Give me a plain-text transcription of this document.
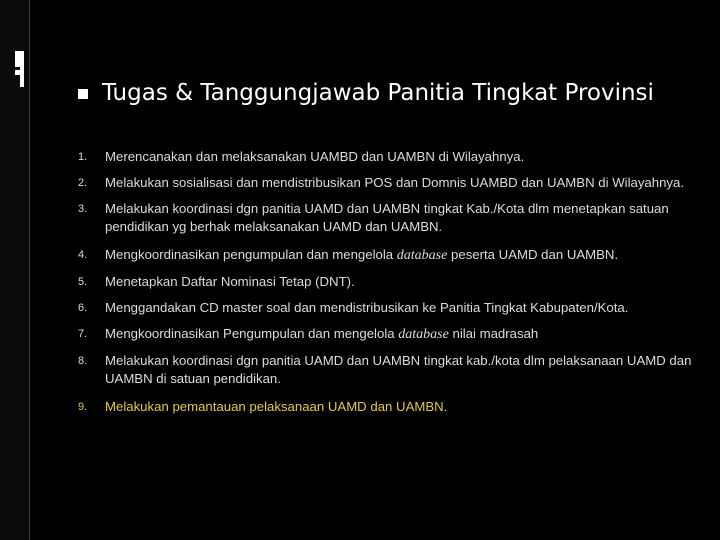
Tugas & Tanggungjawab Panitia Tingkat Provinsi
1.	Merencanakan dan melaksanakan UAMBD dan UAMBN di Wilayahnya.
2.	Melakukan sosialisasi dan mendistribusikan POS dan Domnis UAMBD dan UAMBN di Wilayahnya.
3.	Melakukan koordinasi dgn panitia UAMD dan UAMBN tingkat Kab./Kota dlm menetapkan satuan pendidikan yg berhak melaksanakan UAMD dan UAMBN.
4.	Mengkoordinasikan pengumpulan dan mengelola database peserta UAMD dan UAMBN.
5.	Menetapkan Daftar Nominasi Tetap (DNT).
6.	Menggandakan CD master soal dan mendistribusikan ke Panitia Tingkat Kabupaten/Kota.
7.	Mengkoordinasikan Pengumpulan dan mengelola database nilai madrasah
8.	Melakukan koordinasi dgn panitia UAMD dan UAMBN tingkat kab./kota dlm pelaksanaan UAMD dan UAMBN di satuan pendidikan.
9.	Melakukan pemantauan pelaksanaan UAMD dan UAMBN.
